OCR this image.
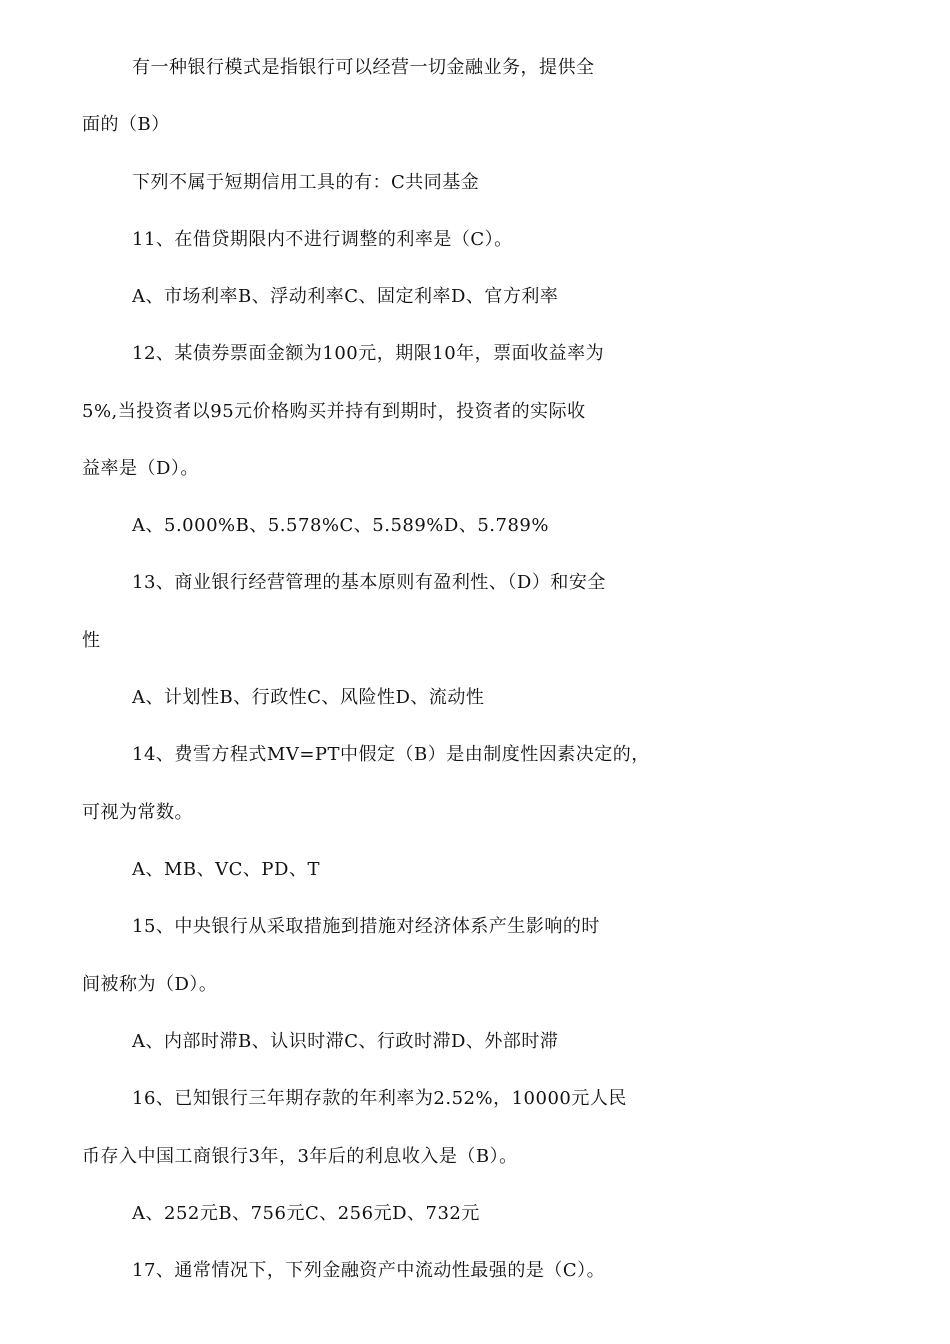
有一种银行模式是指银行可以经营一切金融业务，提供全
面的（B）
下列不属于短期信用工具的有：C共同基金
11、在借贷期限内不进行调整的利率是（C）。
A、市场利率B、浮动利率C、固定利率D、官方利率
12、某债券票面金额为100元，期限10年，票面收益率为
5%,当投资者以95元价格购买并持有到期时，投资者的实际收
益率是（D）。
A、5.000%B、5.578%C、5.589%D、5.789%
13、商业银行经营管理的基本原则有盈利性、（D）和安全
性
A、计划性B、行政性C、风险性D、流动性
14、费雪方程式MV=PT中假定（B）是由制度性因素决定的，
可视为常数。
A、MB、VC、PD、T
15、中央银行从采取措施到措施对经济体系产生影响的时
间被称为（D）。
A、内部时滞B、认识时滞C、行政时滞D、外部时滞
16、已知银行三年期存款的年利率为2.52%，10000元人民
币存入中国工商银行3年，3年后的利息收入是（B）。
A、252元B、756元C、256元D、732元
17、通常情况下，下列金融资产中流动性最强的是（C）。
